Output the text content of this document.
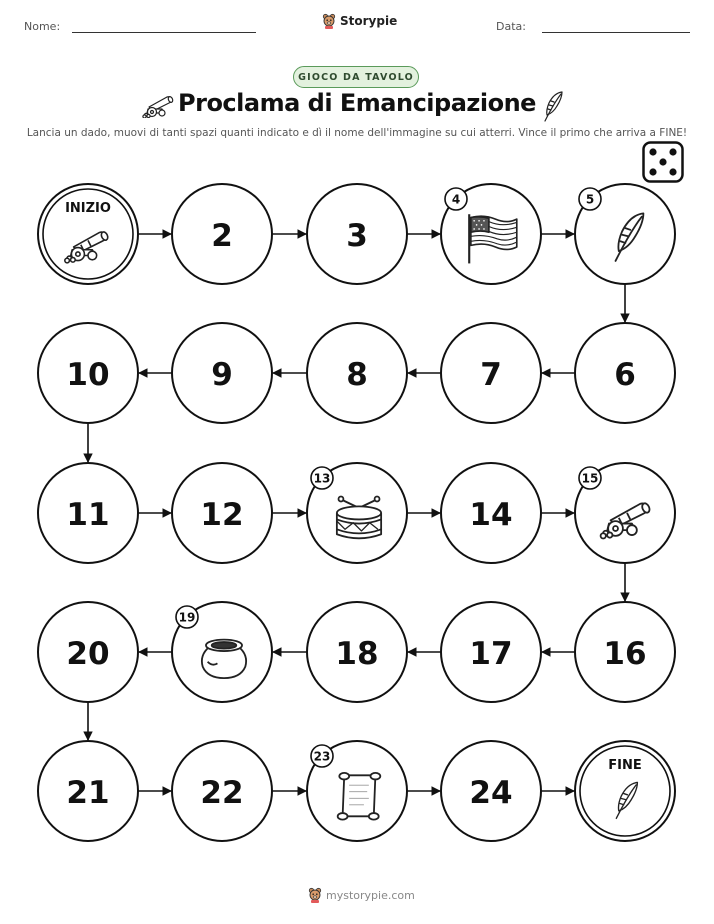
Nome:	Data:
Storypie
GIOCO DA TAVOLO
Proclama di Emancipazione
Lancia un dado, muovi di tanti spazi quanti indicato e dì il nome dell'immagine su cui atterri. Vince il primo che arriva a FINE!
INIZIO
2	3
4	5
6
7
8
9
10
11	12
13
14
15
16
17
18
19
20
21	22
23
24
FINE
mystorypie.com
